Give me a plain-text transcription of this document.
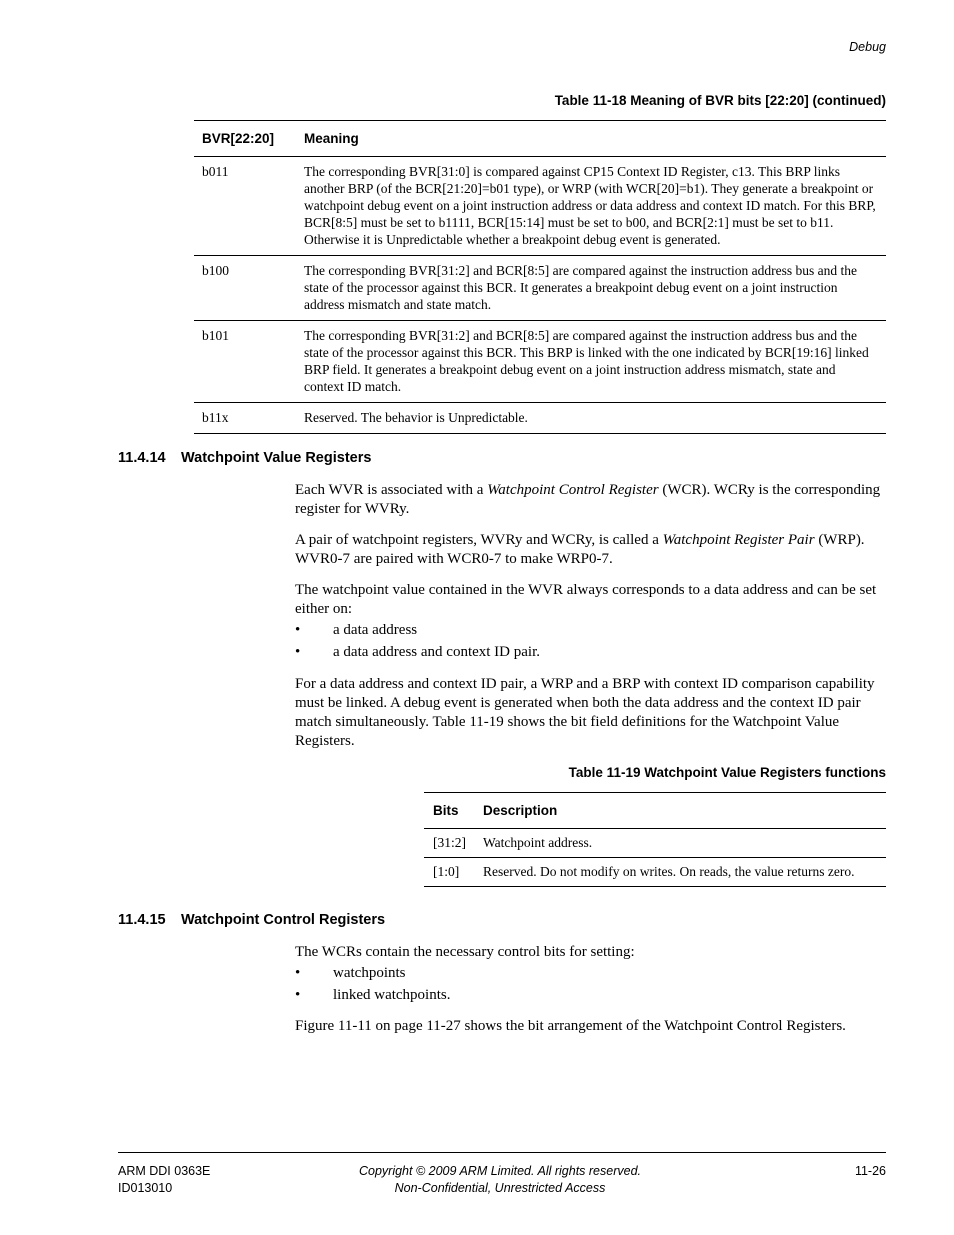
Debug
Table 11-18 Meaning of BVR bits [22:20] (continued)
BVR[22:20]	Meaning
b011	The corresponding BVR[31:0] is compared against CP15 Context ID Register, c13. This BRP links another BRP (of the BCR[21:20]=b01 type), or WRP (with WCR[20]=b1). They generate a breakpoint or watchpoint debug event on a joint instruction address or data address and context ID match. For this BRP, BCR[8:5] must be set to b1111, BCR[15:14] must be set to b00, and BCR[2:1] must be set to b11. Otherwise it is Unpredictable whether a breakpoint debug event is generated.
b100	The corresponding BVR[31:2] and BCR[8:5] are compared against the instruction address bus and the state of the processor against this BCR. It generates a breakpoint debug event on a joint instruction address mismatch and state match.
b101	The corresponding BVR[31:2] and BCR[8:5] are compared against the instruction address bus and the state of the processor against this BCR. This BRP is linked with the one indicated by BCR[19:16] linked BRP field. It generates a breakpoint debug event on a joint instruction address mismatch, state and context ID match.
b11x	Reserved. The behavior is Unpredictable.
11.4.14 Watchpoint Value Registers

Each WVR is associated with a Watchpoint Control Register (WCR). WCRy is the corresponding register for WVRy.

A pair of watchpoint registers, WVRy and WCRy, is called a Watchpoint Register Pair (WRP). WVR0-7 are paired with WCR0-7 to make WRP0-7.

The watchpoint value contained in the WVR always corresponds to a data address and can be set either on:

• a data address
• a data address and context ID pair.

For a data address and context ID pair, a WRP and a BRP with context ID comparison capability must be linked. A debug event is generated when both the data address and the context ID pair match simultaneously. Table 11-19 shows the bit field definitions for the Watchpoint Value Registers.

Table 11-19 Watchpoint Value Registers functions
Bits	Description
[31:2]	Watchpoint address.
[1:0]	Reserved. Do not modify on writes. On reads, the value returns zero.
11.4.15 Watchpoint Control Registers

The WCRs contain the necessary control bits for setting:

• watchpoints
• linked watchpoints.

Figure 11-11 on page 11-27 shows the bit arrangement of the Watchpoint Control Registers.

ARM DDI 0363E
ID013010
Copyright © 2009 ARM Limited. All rights reserved.
Non-Confidential, Unrestricted Access
11-26
